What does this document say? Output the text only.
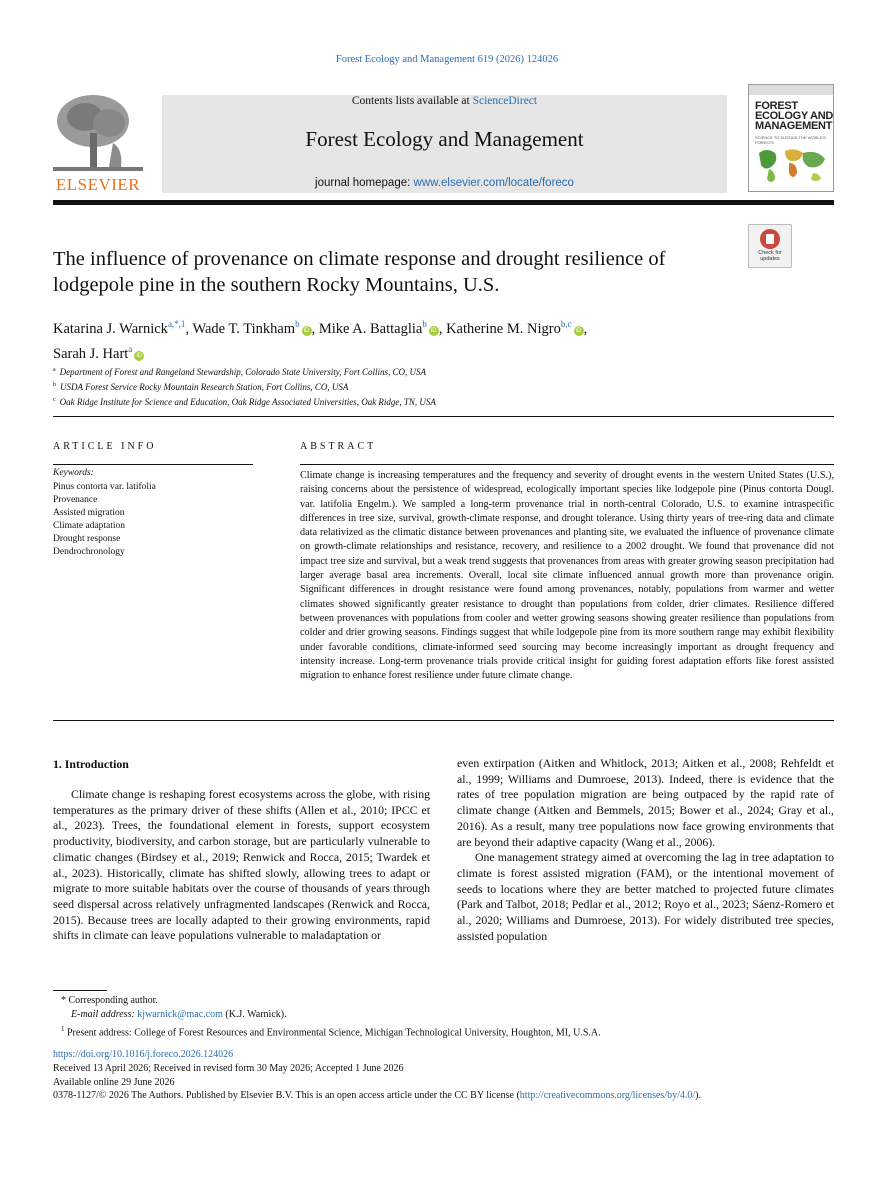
Forest Ecology and Management 619 (2026) 124026
ELSEVIER
Contents lists available at ScienceDirect
Forest Ecology and Management
journal homepage: www.elsevier.com/locate/foreco
FOREST
ECOLOGY AND
MANAGEMENT
SCIENCE TO SUSTAIN THE WORLD'S FORESTS
The influence of provenance on climate response and drought resilience of lodgepole pine in the southern Rocky Mountains, U.S.
Check for updates
Katarina J. Warnick$^{a,*,1}$, Wade T. Tinkham$^b$iD , Mike A. Battaglia$^b$iD , Katherine M. Nigro$^{b,c}$iD ,
Sarah J. Hart$^a$iD
$^a$ Department of Forest and Rangeland Stewardship, Colorado State University, Fort Collins, CO, USA
$^b$ USDA Forest Service Rocky Mountain Research Station, Fort Collins, CO, USA
$^c$ Oak Ridge Institute for Science and Education, Oak Ridge Associated Universities, Oak Ridge, TN, USA
ARTICLE INFO
Keywords:
Pinus contorta var. latifolia
Provenance
Assisted migration
Climate adaptation
Drought response
Dendrochronology
ABSTRACT
Climate change is increasing temperatures and the frequency and severity of drought events in the western United States (U.S.), raising concerns about the persistence of widespread, ecologically important species like lodgepole pine (Pinus contorta Dougl. var. latifolia Engelm.). We sampled a long-term provenance trial in north-central Colorado, U.S. to examine intraspecific differences in tree size, survival, growth-climate response, and drought tolerance. Using thirty years of tree-ring data and climate data relativized as the climatic distance between provenances and planting site, we evaluated the influence of provenance climate on growth-climate relationships and resistance, recovery, and resilience to a 2002 drought. We found that provenance did not impact tree size and survival, but a weak trend suggests that provenances from areas with greater growing season precipitation had larger average basal area increments. Overall, local site climate influenced annual growth more than provenance origin. Significant differences in drought resistance were found among provenances, notably, populations from warmer and wetter climates showed significantly greater resistance to drought than populations from colder, drier climates. Resilience differed between provenances with populations from cooler and wetter growing seasons showing greater resilience than populations from colder and drier growing seasons. Findings suggest that while lodgepole pine from its more southern range may exhibit flexibility under favorable conditions, climate-informed seed sourcing may become increasingly important as drought frequency and intensity increase. Long-term provenance trials provide critical insight for guiding forest adaptation efforts like forest assisted migration to enhance forest resilience under future climate change.
1. Introduction

Climate change is reshaping forest ecosystems across the globe, with rising temperatures as the primary driver of these shifts (Allen et al., 2010; IPCC et al., 2023). Trees, the foundational element in forests, support ecosystem productivity, biodiversity, and carbon storage, but are particularly vulnerable to climatic changes (Birdsey et al., 2019; Renwick and Rocca, 2015; Twardek et al., 2023). Historically, climate has shifted slowly, allowing trees to adapt or migrate to more suitable habitats over the course of thousands of years through seed dispersal across relatively unfragmented landscapes (Renwick and Rocca, 2015). Because trees are locally adapted to their growing environments, rapid shifts in climate can leave populations vulnerable to maladaptation or

even extirpation (Aitken and Whitlock, 2013; Aitken et al., 2008; Rehfeldt et al., 1999; Williams and Dumroese, 2013). Indeed, there is evidence that the rates of tree population migration are being outpaced by the rapid rate of climate change (Aitken and Bemmels, 2015; Bower et al., 2024; Gray et al., 2016). As a result, many tree populations now face growing environments that are beyond their adaptive capacity (Wang et al., 2006).

One management strategy aimed at overcoming the lag in tree adaptation to climate is forest assisted migration (FAM), or the intentional movement of seeds to locations where they are better matched to projected future climates (Park and Talbot, 2018; Pedlar et al., 2012; Royo et al., 2023; Sáenz-Romero et al., 2020; Williams and Dumroese, 2013). For widely distributed tree species, assisted population

* Corresponding author.
E-mail address: kjwarnick@mac.com (K.J. Warnick).
$^1$ Present address: College of Forest Resources and Environmental Science, Michigan Technological University, Houghton, MI, U.S.A.
https://doi.org/10.1016/j.foreco.2026.124026
Received 13 April 2026; Received in revised form 30 May 2026; Accepted 1 June 2026
Available online 29 June 2026
0378-1127/© 2026 The Authors. Published by Elsevier B.V. This is an open access article under the CC BY license (http://creativecommons.org/licenses/by/4.0/).
